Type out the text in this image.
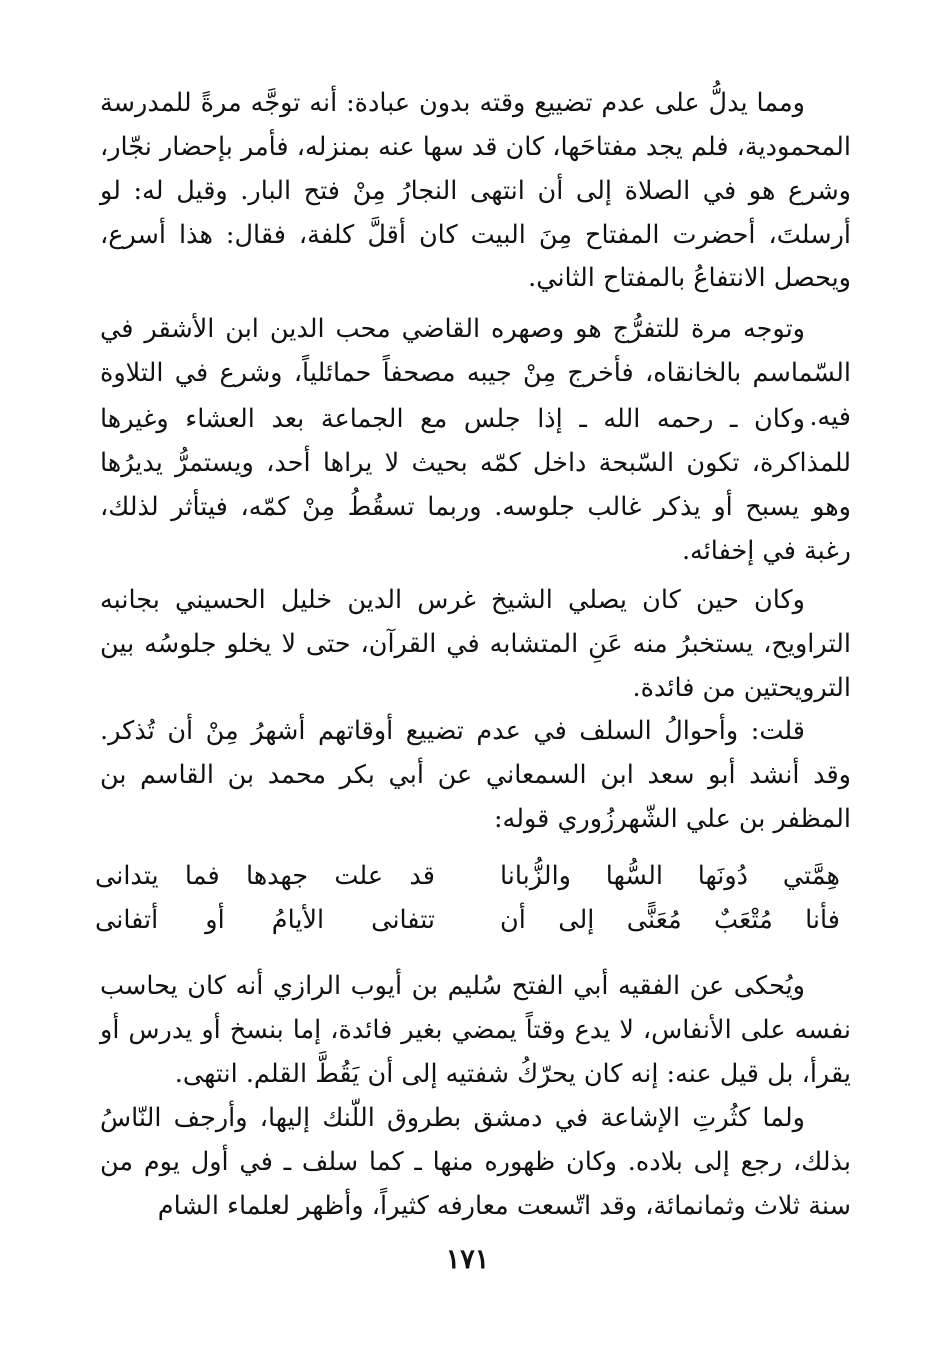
ومما يدلُّ على عدم تضييع وقته بدون عبادة: أنه توجَّه مرةً للمدرسة المحمودية، فلم يجد مفتاحَها، كان قد سها عنه بمنزله، فأمر بإحضار نجّار، وشرع هو في الصلاة إلى أن انتهى النجارُ مِنْ فتح البار. وقيل له: لو أرسلتَ، أحضرت المفتاح مِنَ البيت كان أقلَّ كلفة، فقال: هذا أسرع، ويحصل الانتفاعُ بالمفتاح الثاني.

وتوجه مرة للتفرُّج هو وصهره القاضي محب الدين ابن الأشقر في السّماسم بالخانقاه، فأخرج مِنْ جيبه مصحفاً حمائلياً، وشرع في التلاوة فيه.

وكان ـ رحمه الله ـ إذا جلس مع الجماعة بعد العشاء وغيرها للمذاكرة، تكون السّبحة داخل كمّه بحيث لا يراها أحد، ويستمرُّ يديرُها وهو يسبح أو يذكر غالب جلوسه. وربما تسقُطُ مِنْ كمّه، فيتأثر لذلك، رغبة في إخفائه.

وكان حين كان يصلي الشيخ غرس الدين خليل الحسيني بجانبه التراويح، يستخبرُ منه عَنِ المتشابه في القرآن، حتى لا يخلو جلوسُه بين الترويحتين من فائدة.

قلت: وأحوالُ السلف في عدم تضييع أوقاتهم أشهرُ مِنْ أن تُذكر. وقد أنشد أبو سعد ابن السمعاني عن أبي بكر محمد بن القاسم بن المظفر بن علي الشّهرزُوري قوله:

هِمَّتي دُونَها السُّها والزُّبانا
قد علت جهدها فما يتدانى
فأنا مُتْعَبٌ مُعَنًّى إلى أن
تتفانى الأيامُ أو أتفانى

ويُحكى عن الفقيه أبي الفتح سُليم بن أيوب الرازي أنه كان يحاسب نفسه على الأنفاس، لا يدع وقتاً يمضي بغير فائدة، إما بنسخ أو يدرس أو يقرأ، بل قيل عنه: إنه كان يحرّكُ شفتيه إلى أن يَقُطَّ القلم. انتهى.

ولما كثُرتِ الإشاعة في دمشق بطروق اللّنك إليها، وأرجف النّاسُ بذلك، رجع إلى بلاده. وكان ظهوره منها ـ كما سلف ـ في أول يوم من سنة ثلاث وثمانمائة، وقد اتّسعت معارفه كثيراً، وأظهر لعلماء الشام

١٧١
